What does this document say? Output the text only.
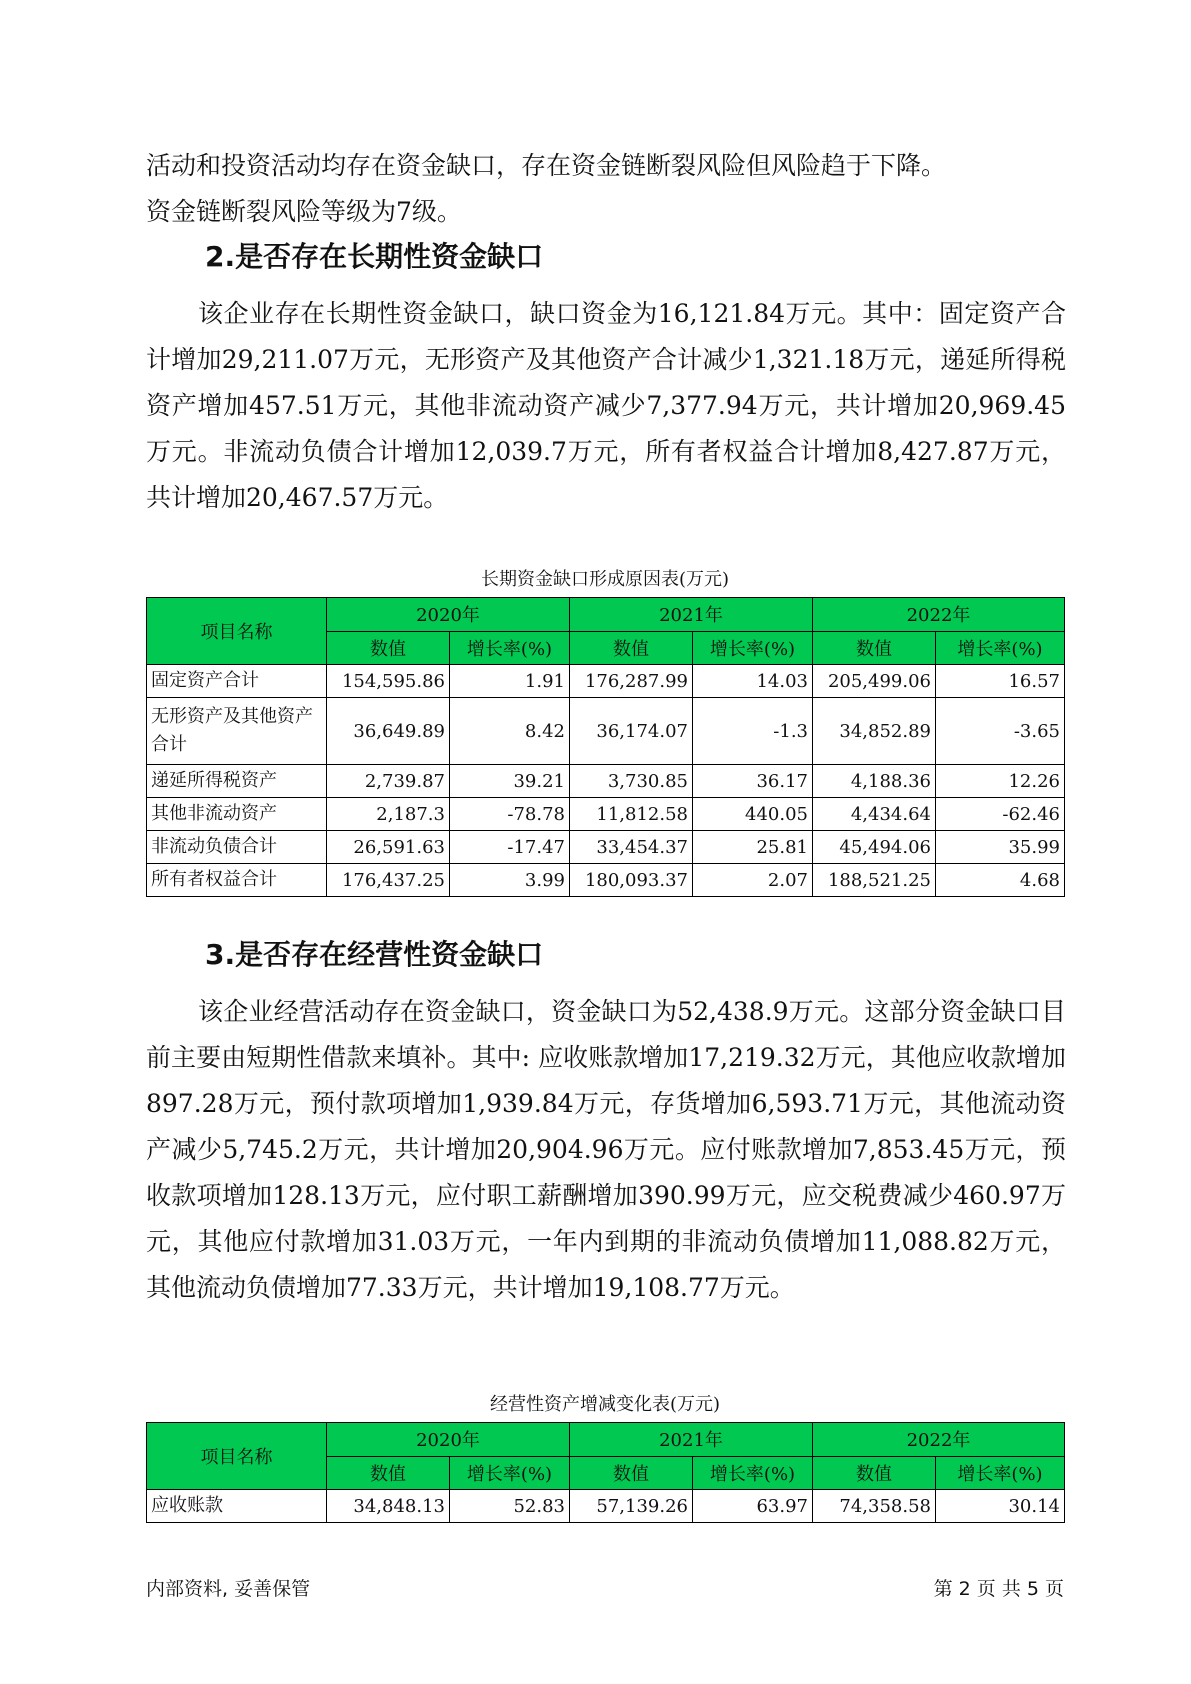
活动和投资活动均存在资金缺口，存在资金链断裂风险但风险趋于下降。
资金链断裂风险等级为7级。

2.是否存在长期性资金缺口

该企业存在长期性资金缺口，缺口资金为16,121.84万元。其中：固定资产合计增加29,211.07万元，无形资产及其他资产合计减少1,321.18万元，递延所得税资产增加457.51万元，其他非流动资产减少7,377.94万元，共计增加20,969.45万元。非流动负债合计增加12,039.7万元，所有者权益合计增加8,427.87万元，共计增加20,467.57万元。

长期资金缺口形成原因表(万元)

项目名称	2020年		2021年		2022年	
	数值	增长率(%)	数值	增长率(%)	数值	增长率(%)
固定资产合计	154,595.86	1.91	176,287.99	14.03	205,499.06	16.57
无形资产及其他资产合计	36,649.89	8.42	36,174.07	-1.3	34,852.89	-3.65
递延所得税资产	2,739.87	39.21	3,730.85	36.17	4,188.36	12.26
其他非流动资产	2,187.3	-78.78	11,812.58	440.05	4,434.64	-62.46
非流动负债合计	26,591.63	-17.47	33,454.37	25.81	45,494.06	35.99
所有者权益合计	176,437.25	3.99	180,093.37	2.07	188,521.25	4.68
3.是否存在经营性资金缺口

该企业经营活动存在资金缺口，资金缺口为52,438.9万元。这部分资金缺口目前主要由短期性借款来填补。其中: 应收账款增加17,219.32万元，其他应收款增加897.28万元，预付款项增加1,939.84万元，存货增加6,593.71万元，其他流动资产减少5,745.2万元，共计增加20,904.96万元。应付账款增加7,853.45万元，预收款项增加128.13万元，应付职工薪酬增加390.99万元，应交税费减少460.97万元，其他应付款增加31.03万元，一年内到期的非流动负债增加11,088.82万元，其他流动负债增加77.33万元，共计增加19,108.77万元。

经营性资产增减变化表(万元)

项目名称	2020年		2021年		2022年	
	数值	增长率(%)	数值	增长率(%)	数值	增长率(%)
应收账款	34,848.13	52.83	57,139.26	63.97	74,358.58	30.14
内部资料, 妥善保管	第 2 页 共 5 页
